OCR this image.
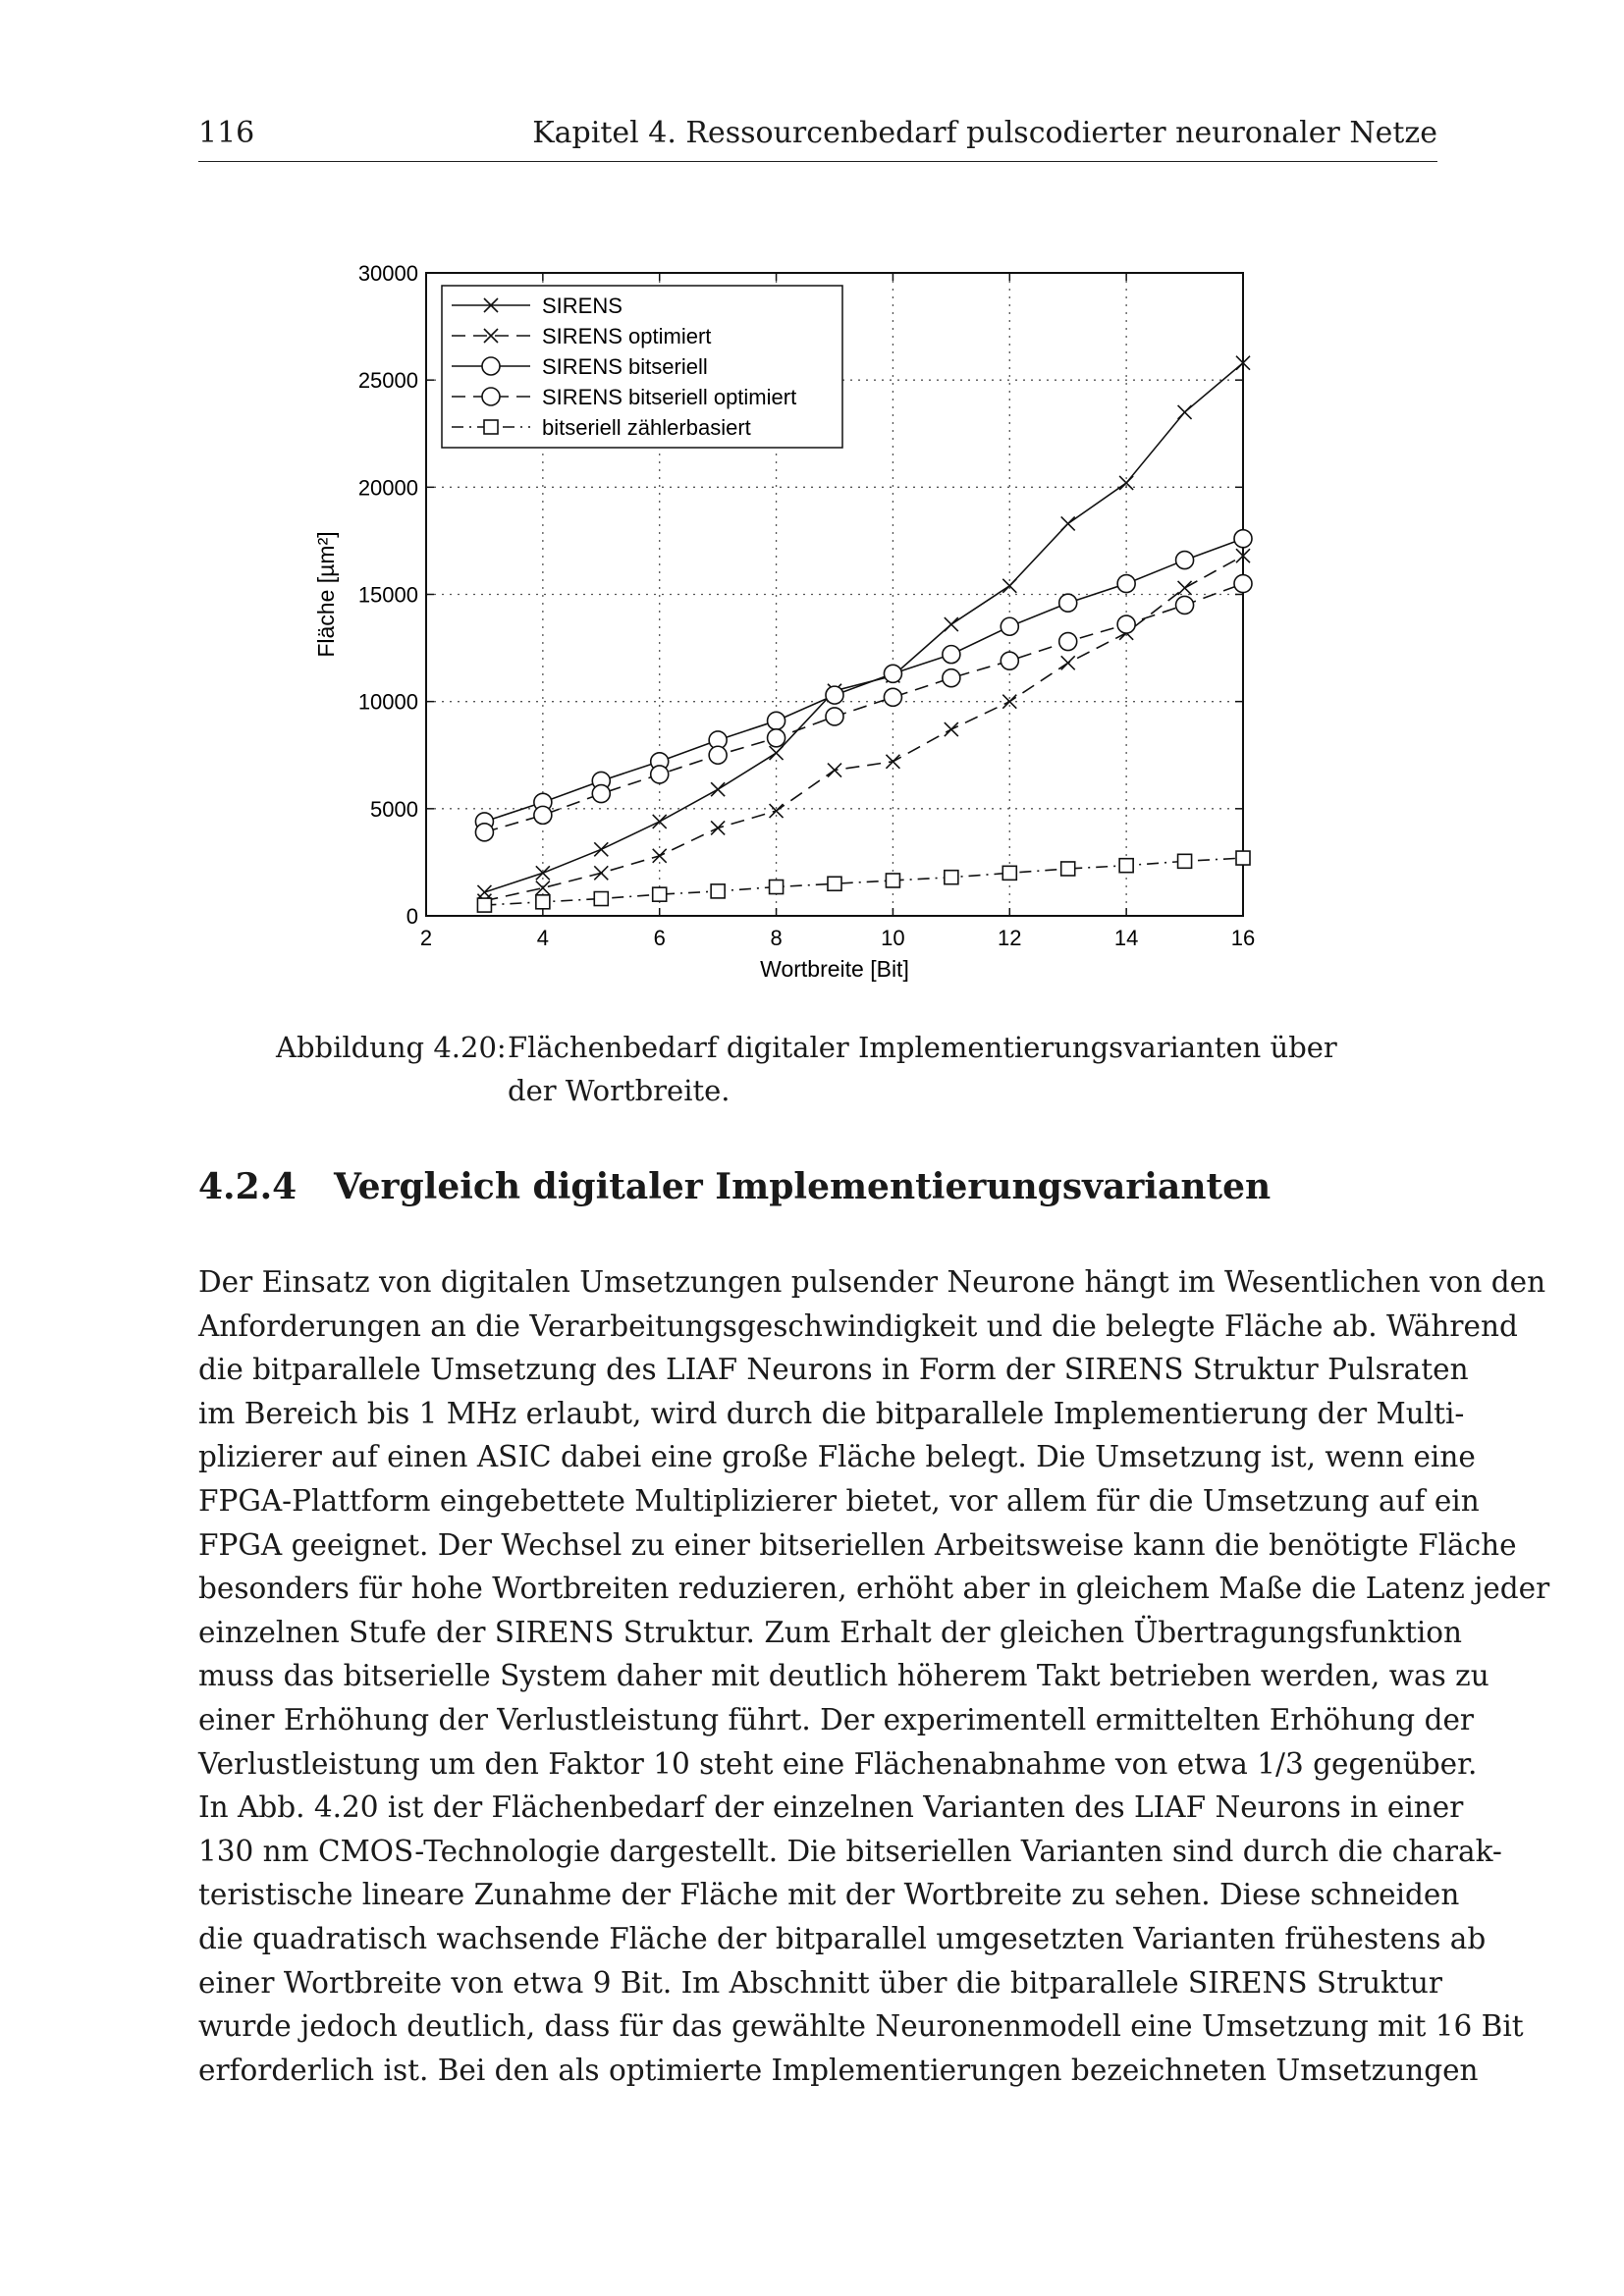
116	Kapitel 4. Ressourcenbedarf pulscodierter neuronaler Netze
2	4	6	8	10	12	14	16
0
5000
10000
15000
20000
25000
30000
SIRENS
SIRENS optimiert
SIRENS bitseriell
SIRENS bitseriell optimiert
bitseriell zählerbasiert
Wortbreite [Bit]
Fläche [µm²]
Abbildung 4.20: Flächenbedarf digitaler Implementierungsvarianten über der Wortbreite.
4.2.4 Vergleich digitaler Implementierungsvarianten
Der Einsatz von digitalen Umsetzungen pulsender Neurone hängt im Wesentlichen von den
Anforderungen an die Verarbeitungsgeschwindigkeit und die belegte Fläche ab. Während
die bitparallele Umsetzung des LIAF Neurons in Form der SIRENS Struktur Pulsraten
im Bereich bis 1 MHz erlaubt, wird durch die bitparallele Implementierung der Multi-
plizierer auf einen ASIC dabei eine große Fläche belegt. Die Umsetzung ist, wenn eine
FPGA-Plattform eingebettete Multiplizierer bietet, vor allem für die Umsetzung auf ein
FPGA geeignet. Der Wechsel zu einer bitseriellen Arbeitsweise kann die benötigte Fläche
besonders für hohe Wortbreiten reduzieren, erhöht aber in gleichem Maße die Latenz jeder
einzelnen Stufe der SIRENS Struktur. Zum Erhalt der gleichen Übertragungsfunktion
muss das bitserielle System daher mit deutlich höherem Takt betrieben werden, was zu
einer Erhöhung der Verlustleistung führt. Der experimentell ermittelten Erhöhung der
Verlustleistung um den Faktor 10 steht eine Flächenabnahme von etwa 1/3 gegenüber.
In Abb. 4.20 ist der Flächenbedarf der einzelnen Varianten des LIAF Neurons in einer
130 nm CMOS-Technologie dargestellt. Die bitseriellen Varianten sind durch die charak-
teristische lineare Zunahme der Fläche mit der Wortbreite zu sehen. Diese schneiden
die quadratisch wachsende Fläche der bitparallel umgesetzten Varianten frühestens ab
einer Wortbreite von etwa 9 Bit. Im Abschnitt über die bitparallele SIRENS Struktur
wurde jedoch deutlich, dass für das gewählte Neuronenmodell eine Umsetzung mit 16 Bit
erforderlich ist. Bei den als optimierte Implementierungen bezeichneten Umsetzungen
